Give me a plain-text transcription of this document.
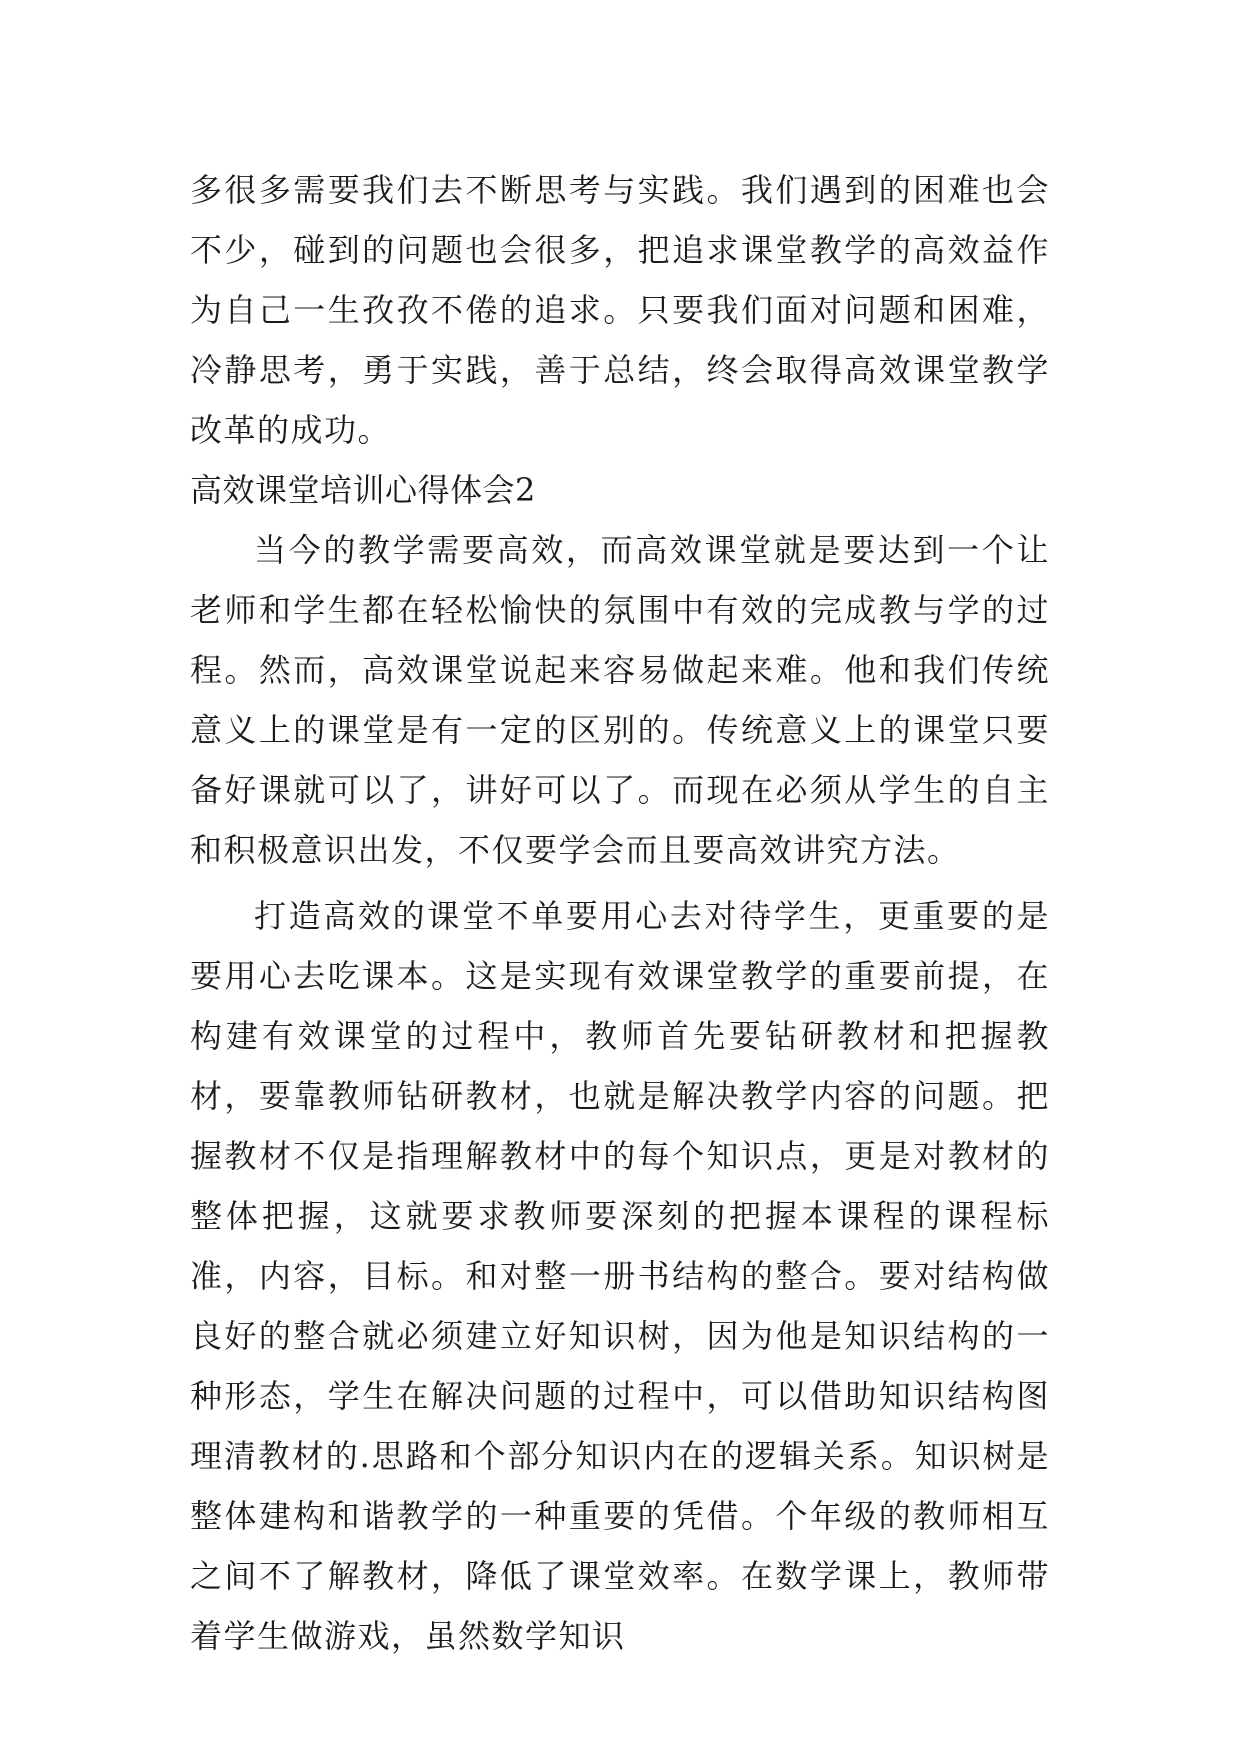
多很多需要我们去不断思考与实践。我们遇到的困难也会不少，碰到的问题也会很多，把追求课堂教学的高效益作为自己一生孜孜不倦的追求。只要我们面对问题和困难，冷静思考，勇于实践，善于总结，终会取得高效课堂教学改革的成功。

高效课堂培训心得体会2

当今的教学需要高效，而高效课堂就是要达到一个让老师和学生都在轻松愉快的氛围中有效的完成教与学的过程。然而，高效课堂说起来容易做起来难。他和我们传统意义上的课堂是有一定的区别的。传统意义上的课堂只要备好课就可以了，讲好可以了。而现在必须从学生的自主和积极意识出发，不仅要学会而且要高效讲究方法。

打造高效的课堂不单要用心去对待学生，更重要的是要用心去吃课本。这是实现有效课堂教学的重要前提，在构建有效课堂的过程中，教师首先要钻研教材和把握教材，要靠教师钻研教材，也就是解决教学内容的问题。把握教材不仅是指理解教材中的每个知识点，更是对教材的整体把握，这就要求教师要深刻的把握本课程的课程标准，内容，目标。和对整一册书结构的整合。要对结构做良好的整合就必须建立好知识树，因为他是知识结构的一种形态，学生在解决问题的过程中，可以借助知识结构图理清教材的.思路和个部分知识内在的逻辑关系。知识树是整体建构和谐教学的一种重要的凭借。个年级的教师相互之间不了解教材，降低了课堂效率。在数学课上，教师带着学生做游戏，虽然数学知识
